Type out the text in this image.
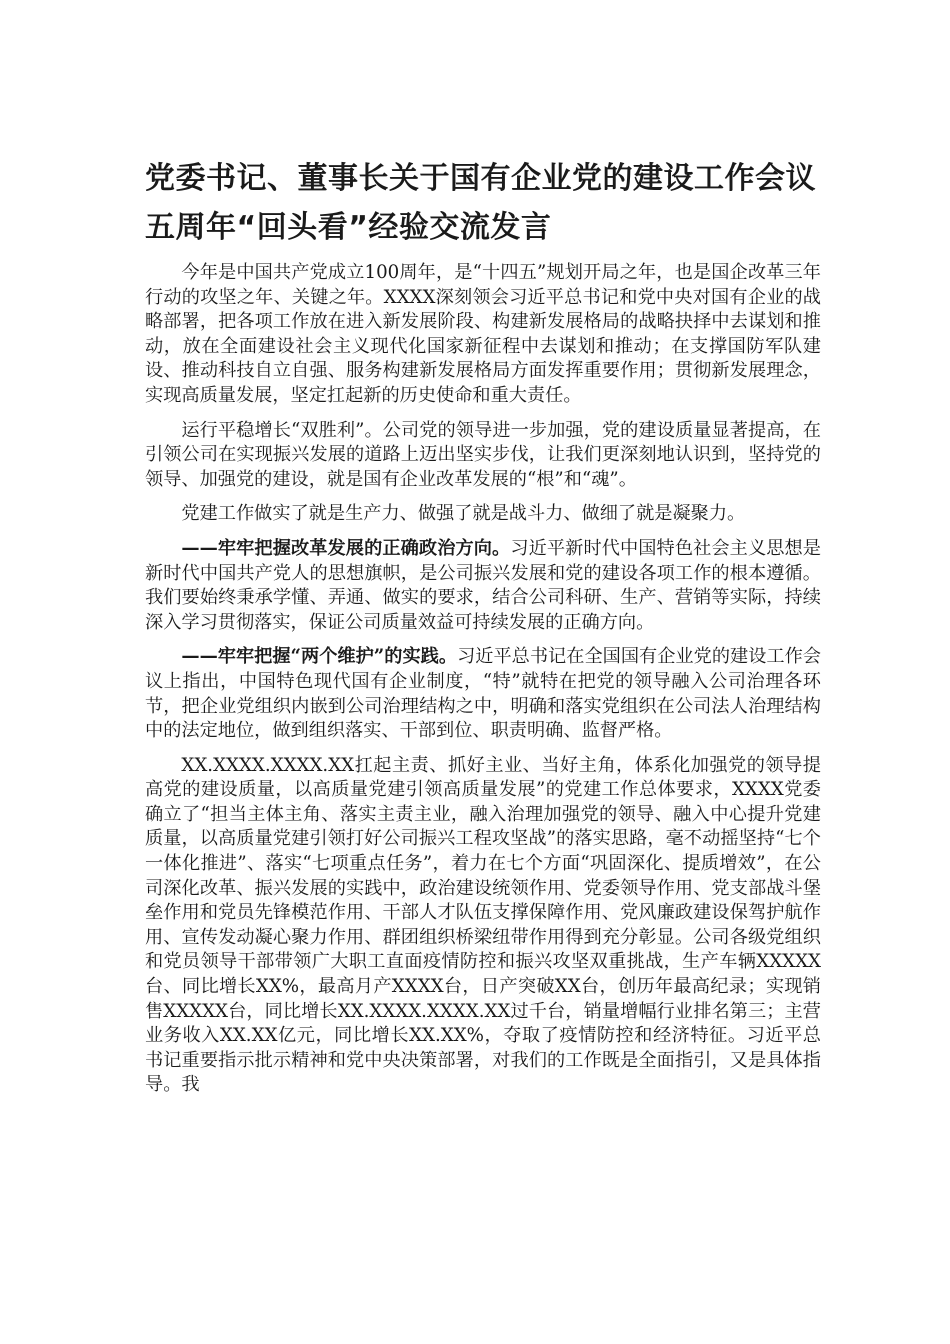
党委书记、董事长关于国有企业党的建设工作会议五周年“回头看”经验交流发言

今年是中国共产党成立100周年，是“十四五”规划开局之年，也是国企改革三年行动的攻坚之年、关键之年。XXXX深刻领会习近平总书记和党中央对国有企业的战略部署，把各项工作放在进入新发展阶段、构建新发展格局的战略抉择中去谋划和推动，放在全面建设社会主义现代化国家新征程中去谋划和推动；在支撑国防军队建设、推动科技自立自强、服务构建新发展格局方面发挥重要作用；贯彻新发展理念，实现高质量发展，坚定扛起新的历史使命和重大责任。

运行平稳增长“双胜利”。公司党的领导进一步加强，党的建设质量显著提高，在引领公司在实现振兴发展的道路上迈出坚实步伐，让我们更深刻地认识到，坚持党的领导、加强党的建设，就是国有企业改革发展的“根”和“魂”。

党建工作做实了就是生产力、做强了就是战斗力、做细了就是凝聚力。

——牢牢把握改革发展的正确政治方向。习近平新时代中国特色社会主义思想是新时代中国共产党人的思想旗帜，是公司振兴发展和党的建设各项工作的根本遵循。我们要始终秉承学懂、弄通、做实的要求，结合公司科研、生产、营销等实际，持续深入学习贯彻落实，保证公司质量效益可持续发展的正确方向。

——牢牢把握“两个维护”的实践。习近平总书记在全国国有企业党的建设工作会议上指出，中国特色现代国有企业制度，“特”就特在把党的领导融入公司治理各环节，把企业党组织内嵌到公司治理结构之中，明确和落实党组织在公司法人治理结构中的法定地位，做到组织落实、干部到位、职责明确、监督严格。

XX.XXXX.XXXX.XX扛起主责、抓好主业、当好主角，体系化加强党的领导提高党的建设质量，以高质量党建引领高质量发展”的党建工作总体要求，XXXX党委确立了“担当主体主角、落实主责主业，融入治理加强党的领导、融入中心提升党建质量，以高质量党建引领打好公司振兴工程攻坚战”的落实思路，毫不动摇坚持“七个一体化推进”、落实“七项重点任务”，着力在七个方面“巩固深化、提质增效”，在公司深化改革、振兴发展的实践中，政治建设统领作用、党委领导作用、党支部战斗堡垒作用和党员先锋模范作用、干部人才队伍支撑保障作用、党风廉政建设保驾护航作用、宣传发动凝心聚力作用、群团组织桥梁纽带作用得到充分彰显。公司各级党组织和党员领导干部带领广大职工直面疫情防控和振兴攻坚双重挑战，生产车辆XXXXX台、同比增长XX%，最高月产XXXX台，日产突破XX台，创历年最高纪录；实现销售XXXXX台，同比增长XX.XXXX.XXXX.XX过千台，销量增幅行业排名第三；主营业务收入XX.XX亿元，同比增长XX.XX%，夺取了疫情防控和经济特征。习近平总书记重要指示批示精神和党中央决策部署，对我们的工作既是全面指引，又是具体指导。我
